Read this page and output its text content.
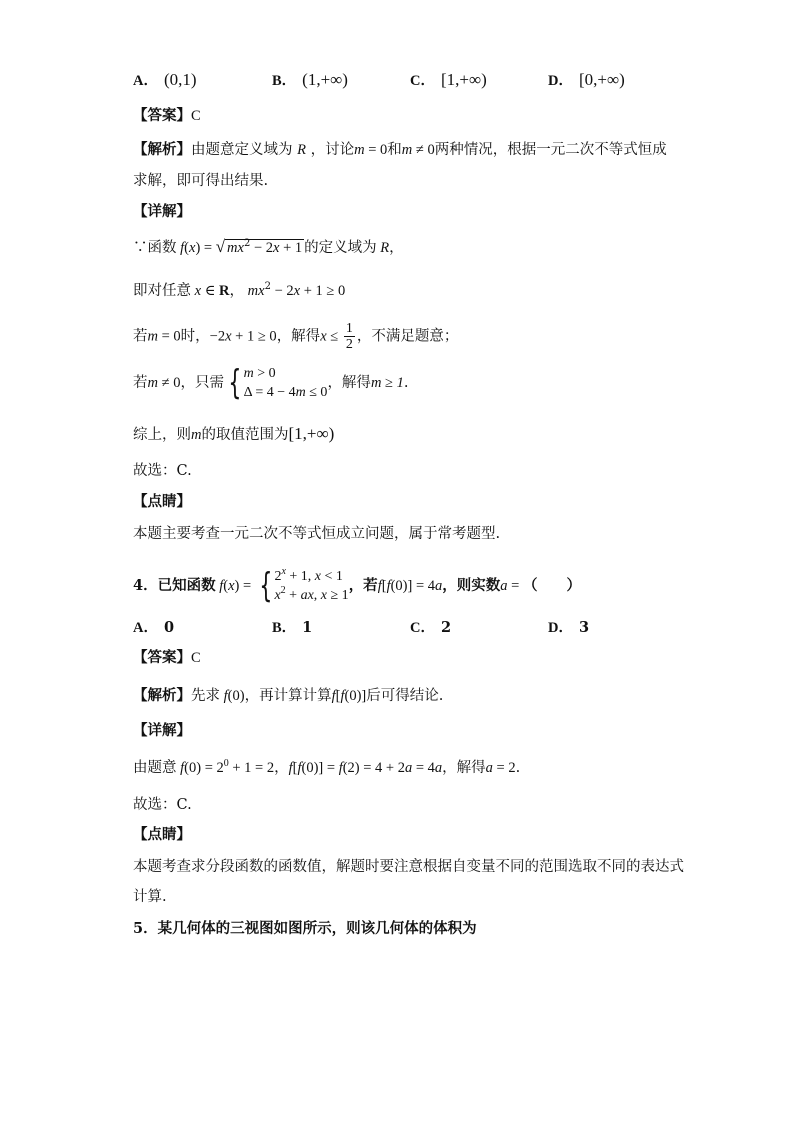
A． (0,1)	B． (1,+∞)	C． [1,+∞)	D． [0,+∞)
【答案】C
【解析】由题意定义域为 R ，讨论m = 0和m ≠ 0两种情况，根据一元二次不等式恒成
求解，即可得出结果.
【详解】
∵函数 f(x) = √ $mx^2 - 2x + 1$ 的定义域为 R，
即对任意 x ∈ R， $mx^2 - 2x + 1 \ge 0$
若m = 0时，−2x + 1 ≥ 0，解得$x \le \frac{1}{2}$ ，不满足题意；
若m ≠ 0，只需 { m > 0
Δ = 4 − 4m ≤ 0，解得m ≥ 1.
综上，则m的取值范围为[1,+∞)
故选：C.
【点睛】
本题主要考查一元二次不等式恒成立问题，属于常考题型.
4．已知函数 f(x) = { $2^x + 1$, x < 1
$x^2$ + ax, x ≥ 1，若f[f(0)] = 4a，则实数a = （　　）
A． 0	B． 1	C． 2	D． 3
【答案】C
【解析】先求 f(0)，再计算计算f[f(0)]后可得结论.
【详解】
由题意 $f(0) = 2^0 + 1 = 2$，f[f(0)] = f(2) = 4 + 2a = 4a，解得a = 2.
故选：C.
【点睛】
本题考查求分段函数的函数值，解题时要注意根据自变量不同的范围选取不同的表达式
计算.
5．某几何体的三视图如图所示，则该几何体的体积为
